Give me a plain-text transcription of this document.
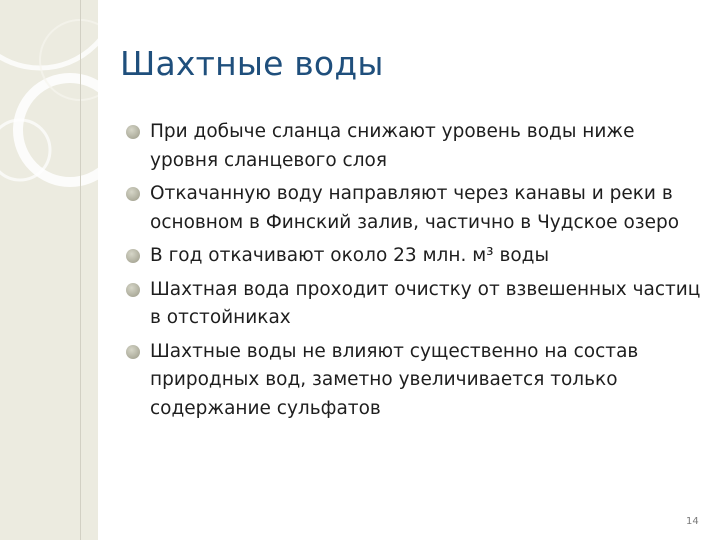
Шахтные воды
При добыче сланца снижают уровень воды ниже уровня сланцевого слоя
Откачанную воду направляют через канавы и реки в основном в Финский залив, частично в Чудское озеро
В год откачивают около 23 млн. м³ воды
Шахтная вода проходит очистку от взвешенных частиц в отстойниках
Шахтные воды не влияют существенно на состав природных вод, заметно увеличивается только содержание сульфатов
14
